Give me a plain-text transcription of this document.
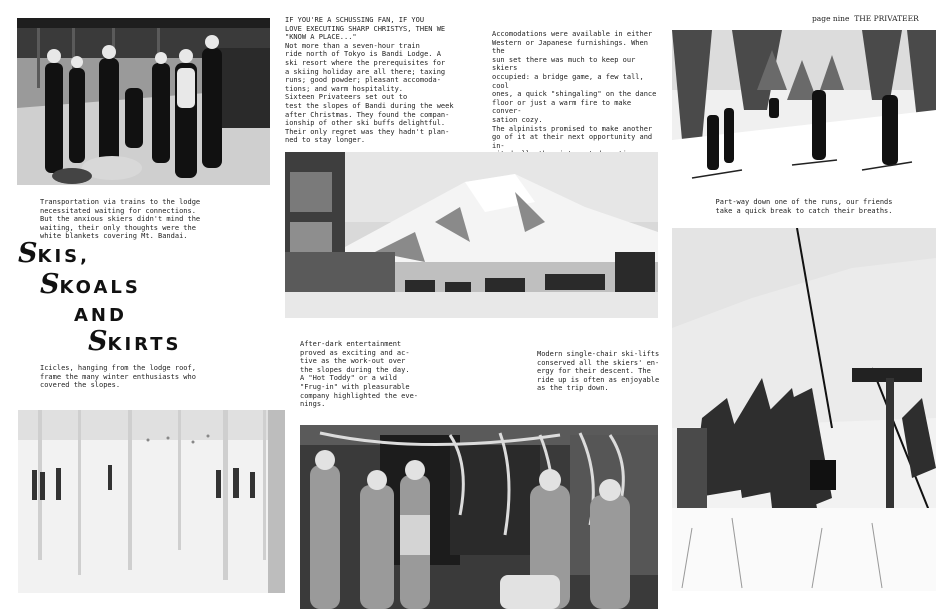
page nine THE PRIVATEER
Transportation via trains to the lodge
necessitated waiting for connections.
But the anxious skiers didn't mind the
waiting, their only thoughts were the
white blankets covering Mt. Bandai.
SKIS,
SKOALS
AND
SKIRTS
Icicles, hanging from the lodge roof,
frame the many winter enthusiasts who
covered the slopes.
IF YOU'RE A SCHUSSING FAN, IF YOU
LOVE EXECUTING SHARP CHRISTYS, THEN WE
"KNOW A PLACE..."
Not more than a seven-hour train
ride north of Tokyo is Bandi Lodge. A
ski resort where the prerequisites for
a skiing holiday are all there; taxing
runs; good powder; pleasant accomoda-
tions; and warm hospitality.
Sixteen Privateers set out to
test the slopes of Bandi during the week
after Christmas. They found the compan-
ionship of other ski buffs delightful.
Their only regret was they hadn't plan-
ned to stay longer.
Accomodations were available in either
Western or Japanese furnishings. When the
sun set there was much to keep our skiers
occupied: a bridge game, a few tall, cool
ones, a quick "shingaling" on the dance
floor or just a warm fire to make conver-
sation cozy.
The alpinists promised to make another
go of it at their next opportunity and in-

After-dark entertainment
proved as exciting and ac-
tive as the work-out over
the slopes during the day.
A "Hot Toddy" or a wild
"Frug-in" with pleasurable
company highlighted the eve-
nings.
Modern single-chair ski-lifts
conserved all the skiers' en-
ergy for their descent. The
ride up is often as enjoyable
as the trip down.
Part-way down one of the runs, our friends
take a quick break to catch their breaths.
